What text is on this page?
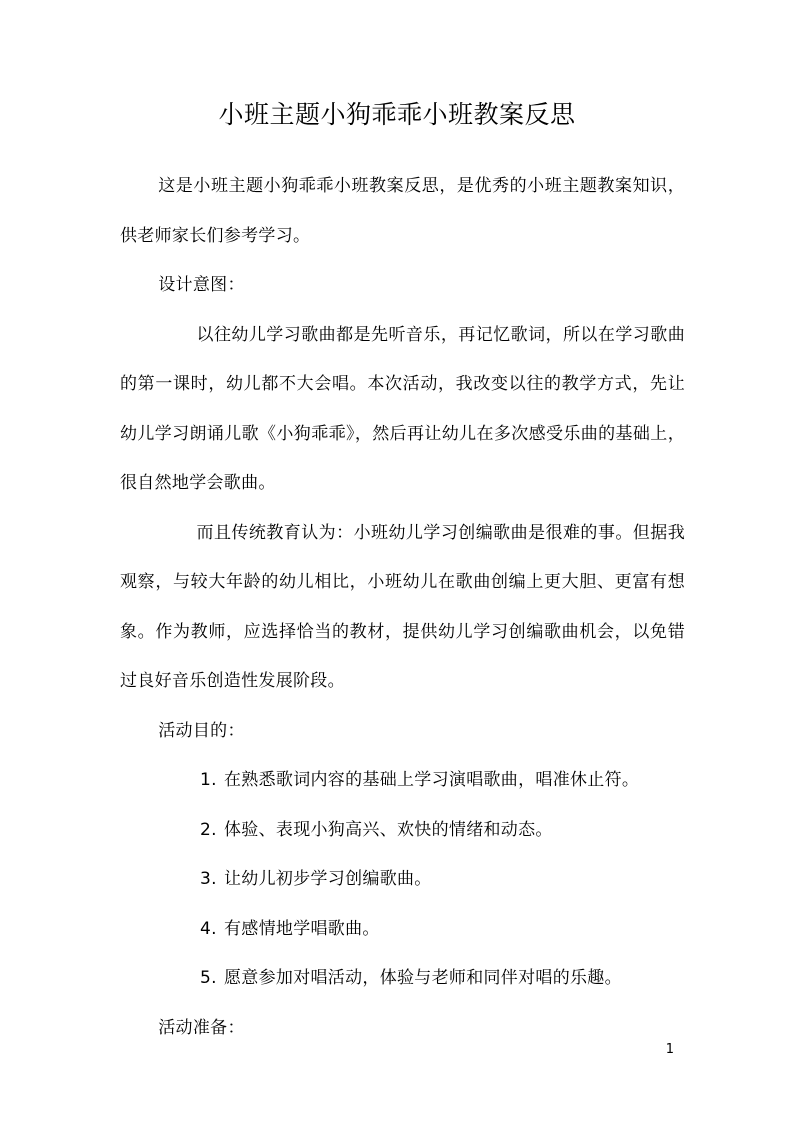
小班主题小狗乖乖小班教案反思

这是小班主题小狗乖乖小班教案反思，是优秀的小班主题教案知识，供老师家长们参考学习。

设计意图：

以往幼儿学习歌曲都是先听音乐，再记忆歌词，所以在学习歌曲的第一课时，幼儿都不大会唱。本次活动，我改变以往的教学方式，先让幼儿学习朗诵儿歌《小狗乖乖》，然后再让幼儿在多次感受乐曲的基础上，很自然地学会歌曲。

而且传统教育认为：小班幼儿学习创编歌曲是很难的事。但据我观察，与较大年龄的幼儿相比，小班幼儿在歌曲创编上更大胆、更富有想象。作为教师，应选择恰当的教材，提供幼儿学习创编歌曲机会，以免错过良好音乐创造性发展阶段。

活动目的：

1. 在熟悉歌词内容的基础上学习演唱歌曲，唱准休止符。

2. 体验、表现小狗高兴、欢快的情绪和动态。

3. 让幼儿初步学习创编歌曲。

4. 有感情地学唱歌曲。

5. 愿意参加对唱活动，体验与老师和同伴对唱的乐趣。

活动准备：

1
